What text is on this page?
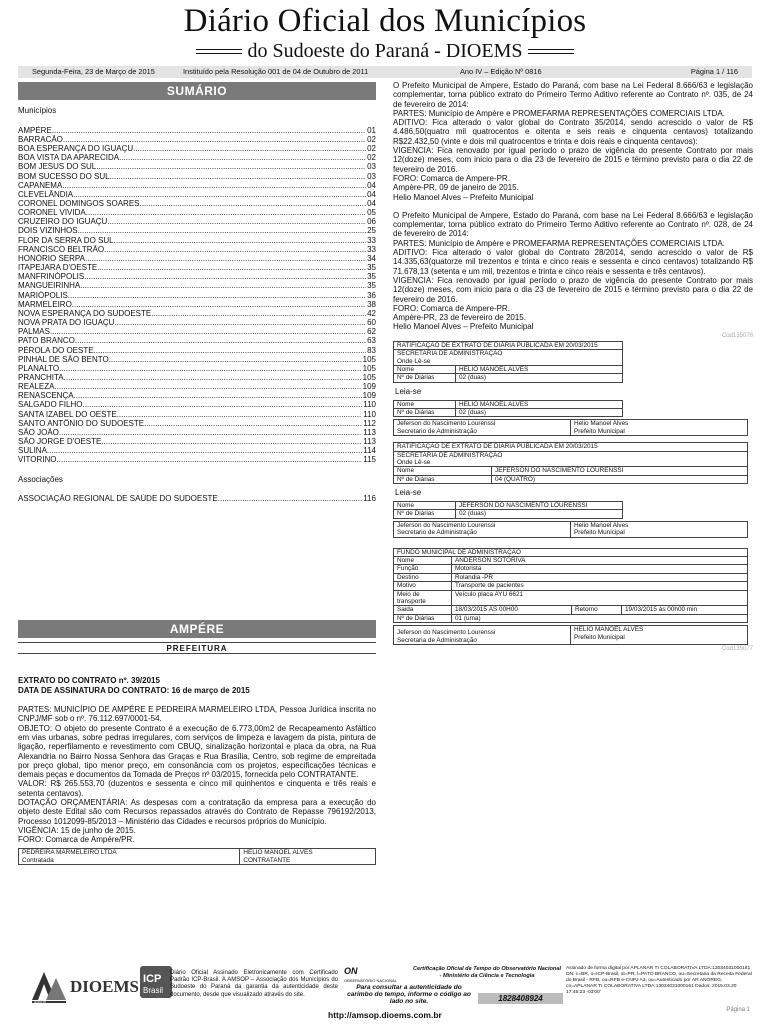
Diário Oficial dos Municípios
do Sudoeste do Paraná - DIOEMS
Segunda-Feira, 23 de Março de 2015	Instituído pela Resolução 001 de 04 de Outubro de 2011	Ano IV – Edição Nº 0816	Página 1 / 116
SUMÁRIO
Municípios
AMPÉRE .....	01
BARRACÃO .....	02
BOA ESPERANÇA DO IGUAÇU .....	02
BOA VISTA DA APARECIDA .....	02
BOM JESUS DO SUL .....	03
BOM SUCESSO DO SUL .....	03
CAPANEMA .....	04
CLEVELÂNDIA .....	04
CORONEL DOMINGOS SOARES .....	04
CORONEL VIVIDA .....	05
CRUZEIRO DO IGUAÇU .....	06
DOIS VIZINHOS .....	25
FLOR DA SERRA DO SUL .....	33
FRANCISCO BELTRÃO .....	33
HONÓRIO SERPA .....	34
ITAPEJARA D'OESTE .....	35
MANFRINÓPOLIS .....	35
MANGUEIRINHA .....	35
MARIÓPOLIS .....	36
MARMELEIRO .....	38
NOVA ESPERANÇA DO SUDOESTE .....	42
NOVA PRATA DO IGUAÇU .....	60
PALMAS .....	62
PATO BRANCO .....	63
PÉROLA DO OESTE .....	83
PINHAL DE SÃO BENTO .....	105
PLANALTO .....	105
PRANCHITA .....	105
REALEZA .....	109
RENASCENÇA .....	109
SALGADO FILHO .....	110
SANTA IZABEL DO OESTE .....	110
SANTO ANTÔNIO DO SUDOESTE .....	112
SÃO JOÃO .....	113
SÃO JORGE D'OESTE .....	113
SULINA .....	114
VITORINO .....	115
Associações
ASSOCIAÇÃO REGIONAL DE SAÚDE DO SUDOESTE .....	116
AMPÉRE
PREFEITURA

EXTRATO DO CONTRATO nº. 39/2015

DATA DE ASSINATURA DO CONTRATO: 16 de março de 2015

PARTES: MUNICÍPIO DE AMPÉRE E PEDREIRA MARMELEIRO LTDA, Pessoa Jurídica inscrita no CNPJ/MF sob o nº. 76.112.697/0001-54.

OBJETO: O objeto do presente Contrato é a execução de 6.773,00m2 de Recapeamento Asfáltico em vias urbanas, sobre pedras irregulares, com serviços de limpeza e lavagem da pista, pintura de ligação, reperfilamento e revestimento com CBUQ, sinalização horizontal e placa da obra, na Rua Alexandria no Bairro Nossa Senhora das Graças e Rua Brasília, Centro, sob regime de empreitada por preço global, tipo menor preço, em consonância com os projetos, especificações técnicas e demais peças e documentos da Tomada de Preços nº 03/2015, fornecida pelo CONTRATANTE.

VALOR: R$ 265.553,70 (duzentos e sessenta e cinco mil quinhentos e cinquenta e três reais e setenta centavos).

DOTAÇÃO ORÇAMENTÁRIA: As despesas com a contratação da empresa para a execução do objeto deste Edital são com Recursos repassados através do Contrato de Repasse 796192/2013, Processo 1012099-85/2013 – Ministério das Cidades e recursos próprios do Município.

VIGÊNCIA: 15 de junho de 2015.

FORO: Comarca de Ampére/PR.

PEDREIRA MARMELEIRO LTDA
Contratada

HELIO MANOEL ALVES
CONTRATANTE

O Prefeito Municipal de Ampere, Estado do Paraná, com base na Lei Federal 8.666/63 e legislação complementar, torna público extrato do Primeiro Termo Aditivo referente ao Contrato nº. 035, de 24 de fevereiro de 2014:

PARTES: Município de Ampère e PROMEFARMA REPRESENTAÇÕES COMERCIAIS LTDA.

ADITIVO: Fica alterado o valor global do Contrato 35/2014, sendo acrescido o valor de R$ 4.486,50(quatro mil quatrocentos e oitenta e seis reais e cinquenta centavos) totalizando R$22.432,50 (vinte e dois mil quatrocentos e trinta e dois reais e cinquenta centavos):

VIGENCIA: Fica renovado por igual período o prazo de vigência do presente Contrato por mais 12(doze) meses, com inicio para o dia 23 de fevereiro de 2015 e término previsto para o dia 22 de fevereiro de 2016.

FORO: Comarca de Ampere-PR.

Ampère-PR, 09 de janeiro de 2015.

Helio Manoel Alves – Prefeito Municipal

O Prefeito Municipal de Ampere, Estado do Paraná, com base na Lei Federal 8.666/63 e legislação complementar, torna público extrato do Primeiro Termo Aditivo referente ao Contrato nº. 028, de 24 de fevereiro de 2014:

PARTES: Município de Ampère e PROMEFARMA REPRESENTAÇÕES COMERCIAIS LTDA.

ADITIVO: Fica alterado o valor global do Contrato 28/2014, sendo acrescido o valor de R$ 14.335,63(quatorze mil trezentos e trinta e cinco reais e sessenta e cinco centavos) totalizando R$ 71.678,13 (setenta e um mil, trezentos e trinta e cinco reais e sessenta e três centavos).

VIGENCIA: Fica renovado por igual período o prazo de vigência do presente Contrato por mais 12(doze) meses, com inicio para o dia 23 de fevereiro de 2015 e término previsto para o dia 22 de fevereiro de 2016.

FORO: Comarca de Ampere-PR.

Ampère-PR, 23 de fevereiro de 2015.

Helio Manoel Alves – Prefeito Municipal

Cod135078
RATIFICAÇÃO DE EXTRATO DE DIÁRIA PUBLICADA EM 20/03/2015	

SECRETARIA DE ADMINISTRAÇÃO
Onde Lê-se	

Nome	HELIO MANOEL ALVES
Nº de Diárias	02 (duas)
Leia-se
Nome	HELIO MANOEL ALVES
Nº de Diárias	02 (duas)
Jeferson do Nascimento Lourenssi
Secretario de Administração

Helio Manoel Alves
Prefeito Municipal
RATIFICAÇÃO DE EXTRATO DE DIÁRIA PUBLICADA EM 20/03/2015	

SECRETARIA DE ADMINISTRAÇÃO
Onde Lê-se	

Nome	JEFERSON DO NASCIMENTO LOURENSSI
Nº de Diárias	04 (QUATRO)
Leia-se
Nome	JEFERSON DO NASCIMENTO LOURENSSI
Nº de Diárias	02 (duas)
Jeferson do Nascimento Lourenssi
Secretario de Administração

Helio Manoel Alves
Prefeito Municipal
FUNDO MUNICIPAL DE ADMINISTRAÇÃO			
Nome	ANDERSON SOTORIVA		
Função	Motorista		
Destino	Rolandia -PR		
Motivo	Transporte de pacientes		
Meio de transporte	Veículo placa AYU 6621		
Saida	18/03/2015 ÀS 00H00	Retorno	19/03/2015 às 00h00 min
Nº de Diárias	01 (uma)		
Jeferson do Nascimento Lourenssi
Secretaria de Administração

HELIO MANOEL ALVES
Prefeito Municipal
Cod135077
AMSOP
DIOEMS ICP
Brasil
Diário Oficial Assinado Eletronicamente com Certificado Padrão ICP-Brasil. A AMSOP – Associação dos Municípios do Sudoeste do Paraná da garantia da autenticidade deste documento, desde que visualizado através do site.
ON
OBSERVATÓRIO NACIONAL
Certificação Oficial de Tempo do Observatório Nacional - Ministério da Ciência e Tecnologia
Para consultar a autenticidade do carimbo do tempo, informe o código ao lado no site.	1828408924
Assinado de forma digital por APLANAR TI COLABORATIVA LTDA:13034031000161 DN: c=BR, o=ICP-Brasil, st=PR, l=PATO BRANCO, ou=Secretaria da Receita Federal do Brasil - RFB, ou=RFB e-CNPJ A3, ou=Autenticado por AR ANOREG, cn=APLANAR TI COLABORATIVA LTDA:13034031000161 Dados: 2015.03.20 17:45:23 -03'00'
http://amsop.dioems.com.br	Página 1
